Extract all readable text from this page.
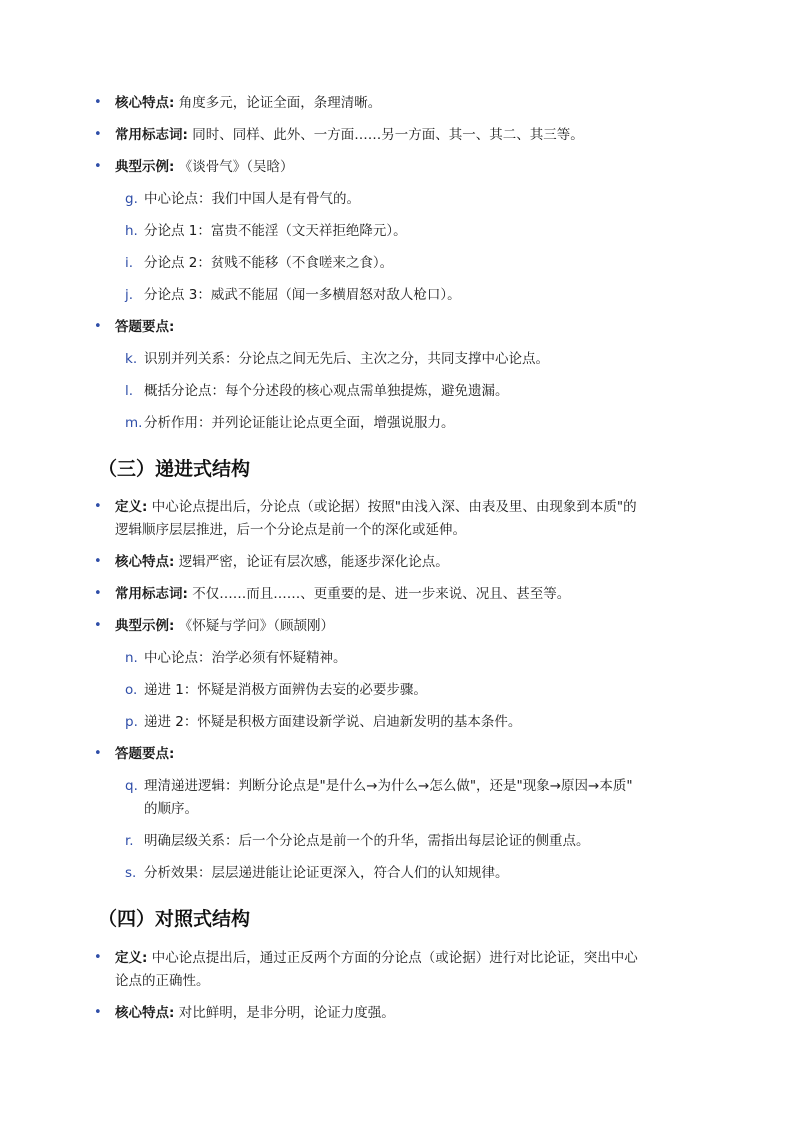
• 核心特点: 角度多元，论证全面，条理清晰。
• 常用标志词: 同时、同样、此外、一方面……另一方面、其一、其二、其三等。
• 典型示例: 《谈骨气》（吴晗）
g. 中心论点：我们中国人是有骨气的。
h. 分论点 1：富贵不能淫（文天祥拒绝降元）。
i. 分论点 2：贫贱不能移（不食嗟来之食）。
j. 分论点 3：威武不能屈（闻一多横眉怒对敌人枪口）。
• 答题要点:
k. 识别并列关系：分论点之间无先后、主次之分，共同支撑中心论点。
l. 概括分论点：每个分述段的核心观点需单独提炼，避免遗漏。
m. 分析作用：并列论证能让论点更全面，增强说服力。
（三）递进式结构
• 定义: 中心论点提出后，分论点（或论据）按照"由浅入深、由表及里、由现象到本质"的
逻辑顺序层层推进，后一个分论点是前一个的深化或延伸。
• 核心特点: 逻辑严密，论证有层次感，能逐步深化论点。
• 常用标志词: 不仅……而且……、更重要的是、进一步来说、况且、甚至等。
• 典型示例: 《怀疑与学问》（顾颉刚）
n. 中心论点：治学必须有怀疑精神。
o. 递进 1：怀疑是消极方面辨伪去妄的必要步骤。
p. 递进 2：怀疑是积极方面建设新学说、启迪新发明的基本条件。
• 答题要点:
q. 理清递进逻辑：判断分论点是"是什么→为什么→怎么做"，还是"现象→原因→本质"
的顺序。
r. 明确层级关系：后一个分论点是前一个的升华，需指出每层论证的侧重点。
s. 分析效果：层层递进能让论证更深入，符合人们的认知规律。
（四）对照式结构
• 定义: 中心论点提出后，通过正反两个方面的分论点（或论据）进行对比论证，突出中心
论点的正确性。
• 核心特点: 对比鲜明，是非分明，论证力度强。
